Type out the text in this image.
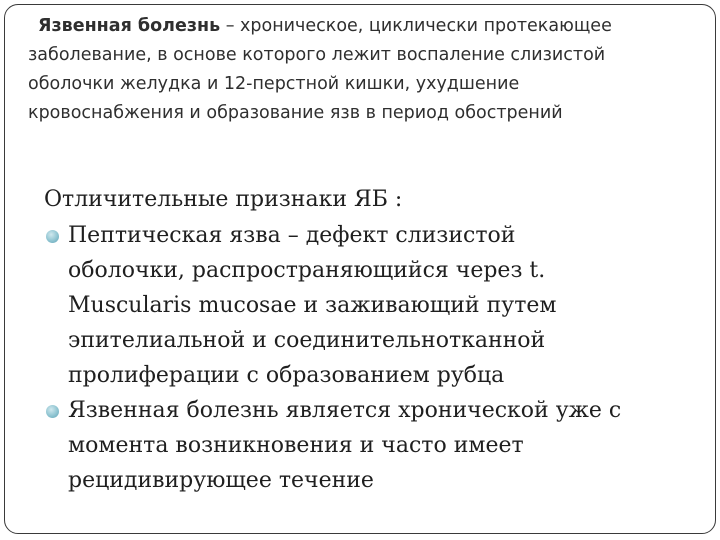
Язвенная болезнь – хроническое, циклически протекающее
заболевание, в основе которого лежит воспаление слизистой
оболочки желудка и 12-перстной кишки, ухудшение
кровоснабжения и образование язв в период обострений
Отличительные признаки ЯБ :
Пептическая язва – дефект слизистой
оболочки, распространяющийся через t.
Muscularis mucosae и заживающий путем
эпителиальной и соединительнотканной
пролиферации с образованием рубца
Язвенная болезнь является хронической уже с
момента возникновения и часто имеет
рецидивирующее течение
